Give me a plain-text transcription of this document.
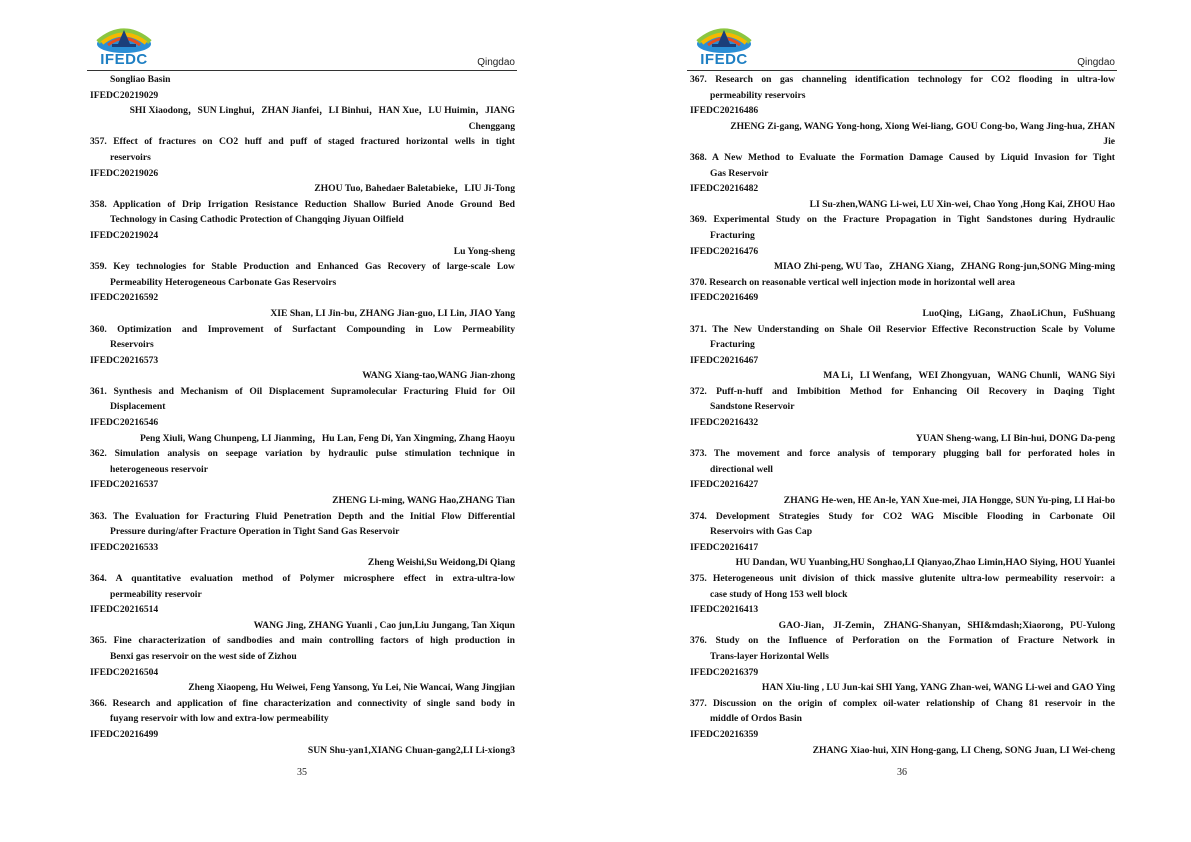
IFEDC	Qingdao
Songliao Basin
IFEDC20219029
SHI Xiaodong，SUN Linghui，ZHAN Jianfei，LI Binhui，HAN Xue，LU Huimin，JIANG
Chenggang
357. Effect of fractures on CO2 huff and puff of staged fractured horizontal wells in tight
reservoirs
IFEDC20219026
ZHOU Tuo, Bahedaer Baletabieke，LIU Ji-Tong
358. Application of Drip Irrigation Resistance Reduction Shallow Buried Anode Ground Bed
Technology in Casing Cathodic Protection of Changqing Jiyuan Oilfield
IFEDC20219024
Lu Yong-sheng
359. Key technologies for Stable Production and Enhanced Gas Recovery of large-scale Low
Permeability Heterogeneous Carbonate Gas Reservoirs
IFEDC20216592
XIE Shan, LI Jin-bu, ZHANG Jian-guo, LI Lin, JIAO Yang
360. Optimization and Improvement of Surfactant Compounding in Low Permeability
Reservoirs
IFEDC20216573
WANG Xiang-tao,WANG Jian-zhong
361. Synthesis and Mechanism of Oil Displacement Supramolecular Fracturing Fluid for Oil
Displacement
IFEDC20216546
Peng Xiuli, Wang Chunpeng, LI Jianming，Hu Lan, Feng Di, Yan Xingming, Zhang Haoyu
362. Simulation analysis on seepage variation by hydraulic pulse stimulation technique in
heterogeneous reservoir
IFEDC20216537
ZHENG Li-ming, WANG Hao,ZHANG Tian
363. The Evaluation for Fracturing Fluid Penetration Depth and the Initial Flow Differential
Pressure during/after Fracture Operation in Tight Sand Gas Reservoir
IFEDC20216533
Zheng Weishi,Su Weidong,Di Qiang
364. A quantitative evaluation method of Polymer microsphere effect in extra-ultra-low
permeability reservoir
IFEDC20216514
WANG Jing, ZHANG Yuanli , Cao jun,Liu Jungang, Tan Xiqun
365. Fine characterization of sandbodies and main controlling factors of high production in
Benxi gas reservoir on the west side of Zizhou
IFEDC20216504
Zheng Xiaopeng, Hu Weiwei, Feng Yansong, Yu Lei, Nie Wancai, Wang Jingjian
366. Research and application of fine characterization and connectivity of single sand body in
fuyang reservoir with low and extra-low permeability
IFEDC20216499
SUN Shu-yan1,XIANG Chuan-gang2,LI Li-xiong3
35
IFEDC	Qingdao
367. Research on gas channeling identification technology for CO2 flooding in ultra-low
permeability reservoirs
IFEDC20216486
ZHENG Zi-gang, WANG Yong-hong, Xiong Wei-liang, GOU Cong-bo, Wang Jing-hua, ZHAN
Jie
368. A New Method to Evaluate the Formation Damage Caused by Liquid Invasion for Tight
Gas Reservoir
IFEDC20216482
LI Su-zhen,WANG Li-wei, LU Xin-wei, Chao Yong ,Hong Kai, ZHOU Hao
369. Experimental Study on the Fracture Propagation in Tight Sandstones during Hydraulic
Fracturing
IFEDC20216476
MIAO Zhi-peng, WU Tao，ZHANG Xiang，ZHANG Rong-jun,SONG Ming-ming
370. Research on reasonable vertical well injection mode in horizontal well area
IFEDC20216469
LuoQing，LiGang，ZhaoLiChun，FuShuang
371. The New Understanding on Shale Oil Reservior Effective Reconstruction Scale by Volume
Fracturing
IFEDC20216467
MA Li，LI Wenfang，WEI Zhongyuan，WANG Chunli，WANG Siyi
372. Puff-n-huff and Imbibition Method for Enhancing Oil Recovery in Daqing Tight
Sandstone Reservoir
IFEDC20216432
YUAN Sheng-wang, LI Bin-hui, DONG Da-peng
373. The movement and force analysis of temporary plugging ball for perforated holes in
directional well
IFEDC20216427
ZHANG He-wen, HE An-le, YAN Xue-mei, JIA Hongge, SUN Yu-ping, LI Hai-bo
374. Development Strategies Study for CO2 WAG Miscible Flooding in Carbonate Oil
Reservoirs with Gas Cap
IFEDC20216417
HU Dandan, WU Yuanbing,HU Songhao,LI Qianyao,Zhao Limin,HAO Siying, HOU Yuanlei
375. Heterogeneous unit division of thick massive glutenite ultra-low permeability reservoir: a
case study of Hong 153 well block
IFEDC20216413
GAO-Jian， JI-Zemin， ZHANG-Shanyan，SHI&mdash;Xiaorong，PU-Yulong
376. Study on the Influence of Perforation on the Formation of Fracture Network in
Trans-layer Horizontal Wells
IFEDC20216379
HAN Xiu-ling , LU Jun-kai SHI Yang, YANG Zhan-wei, WANG Li-wei and GAO Ying
377. Discussion on the origin of complex oil-water relationship of Chang 81 reservoir in the
middle of Ordos Basin
IFEDC20216359
ZHANG Xiao-hui, XIN Hong-gang, LI Cheng, SONG Juan, LI Wei-cheng
36
